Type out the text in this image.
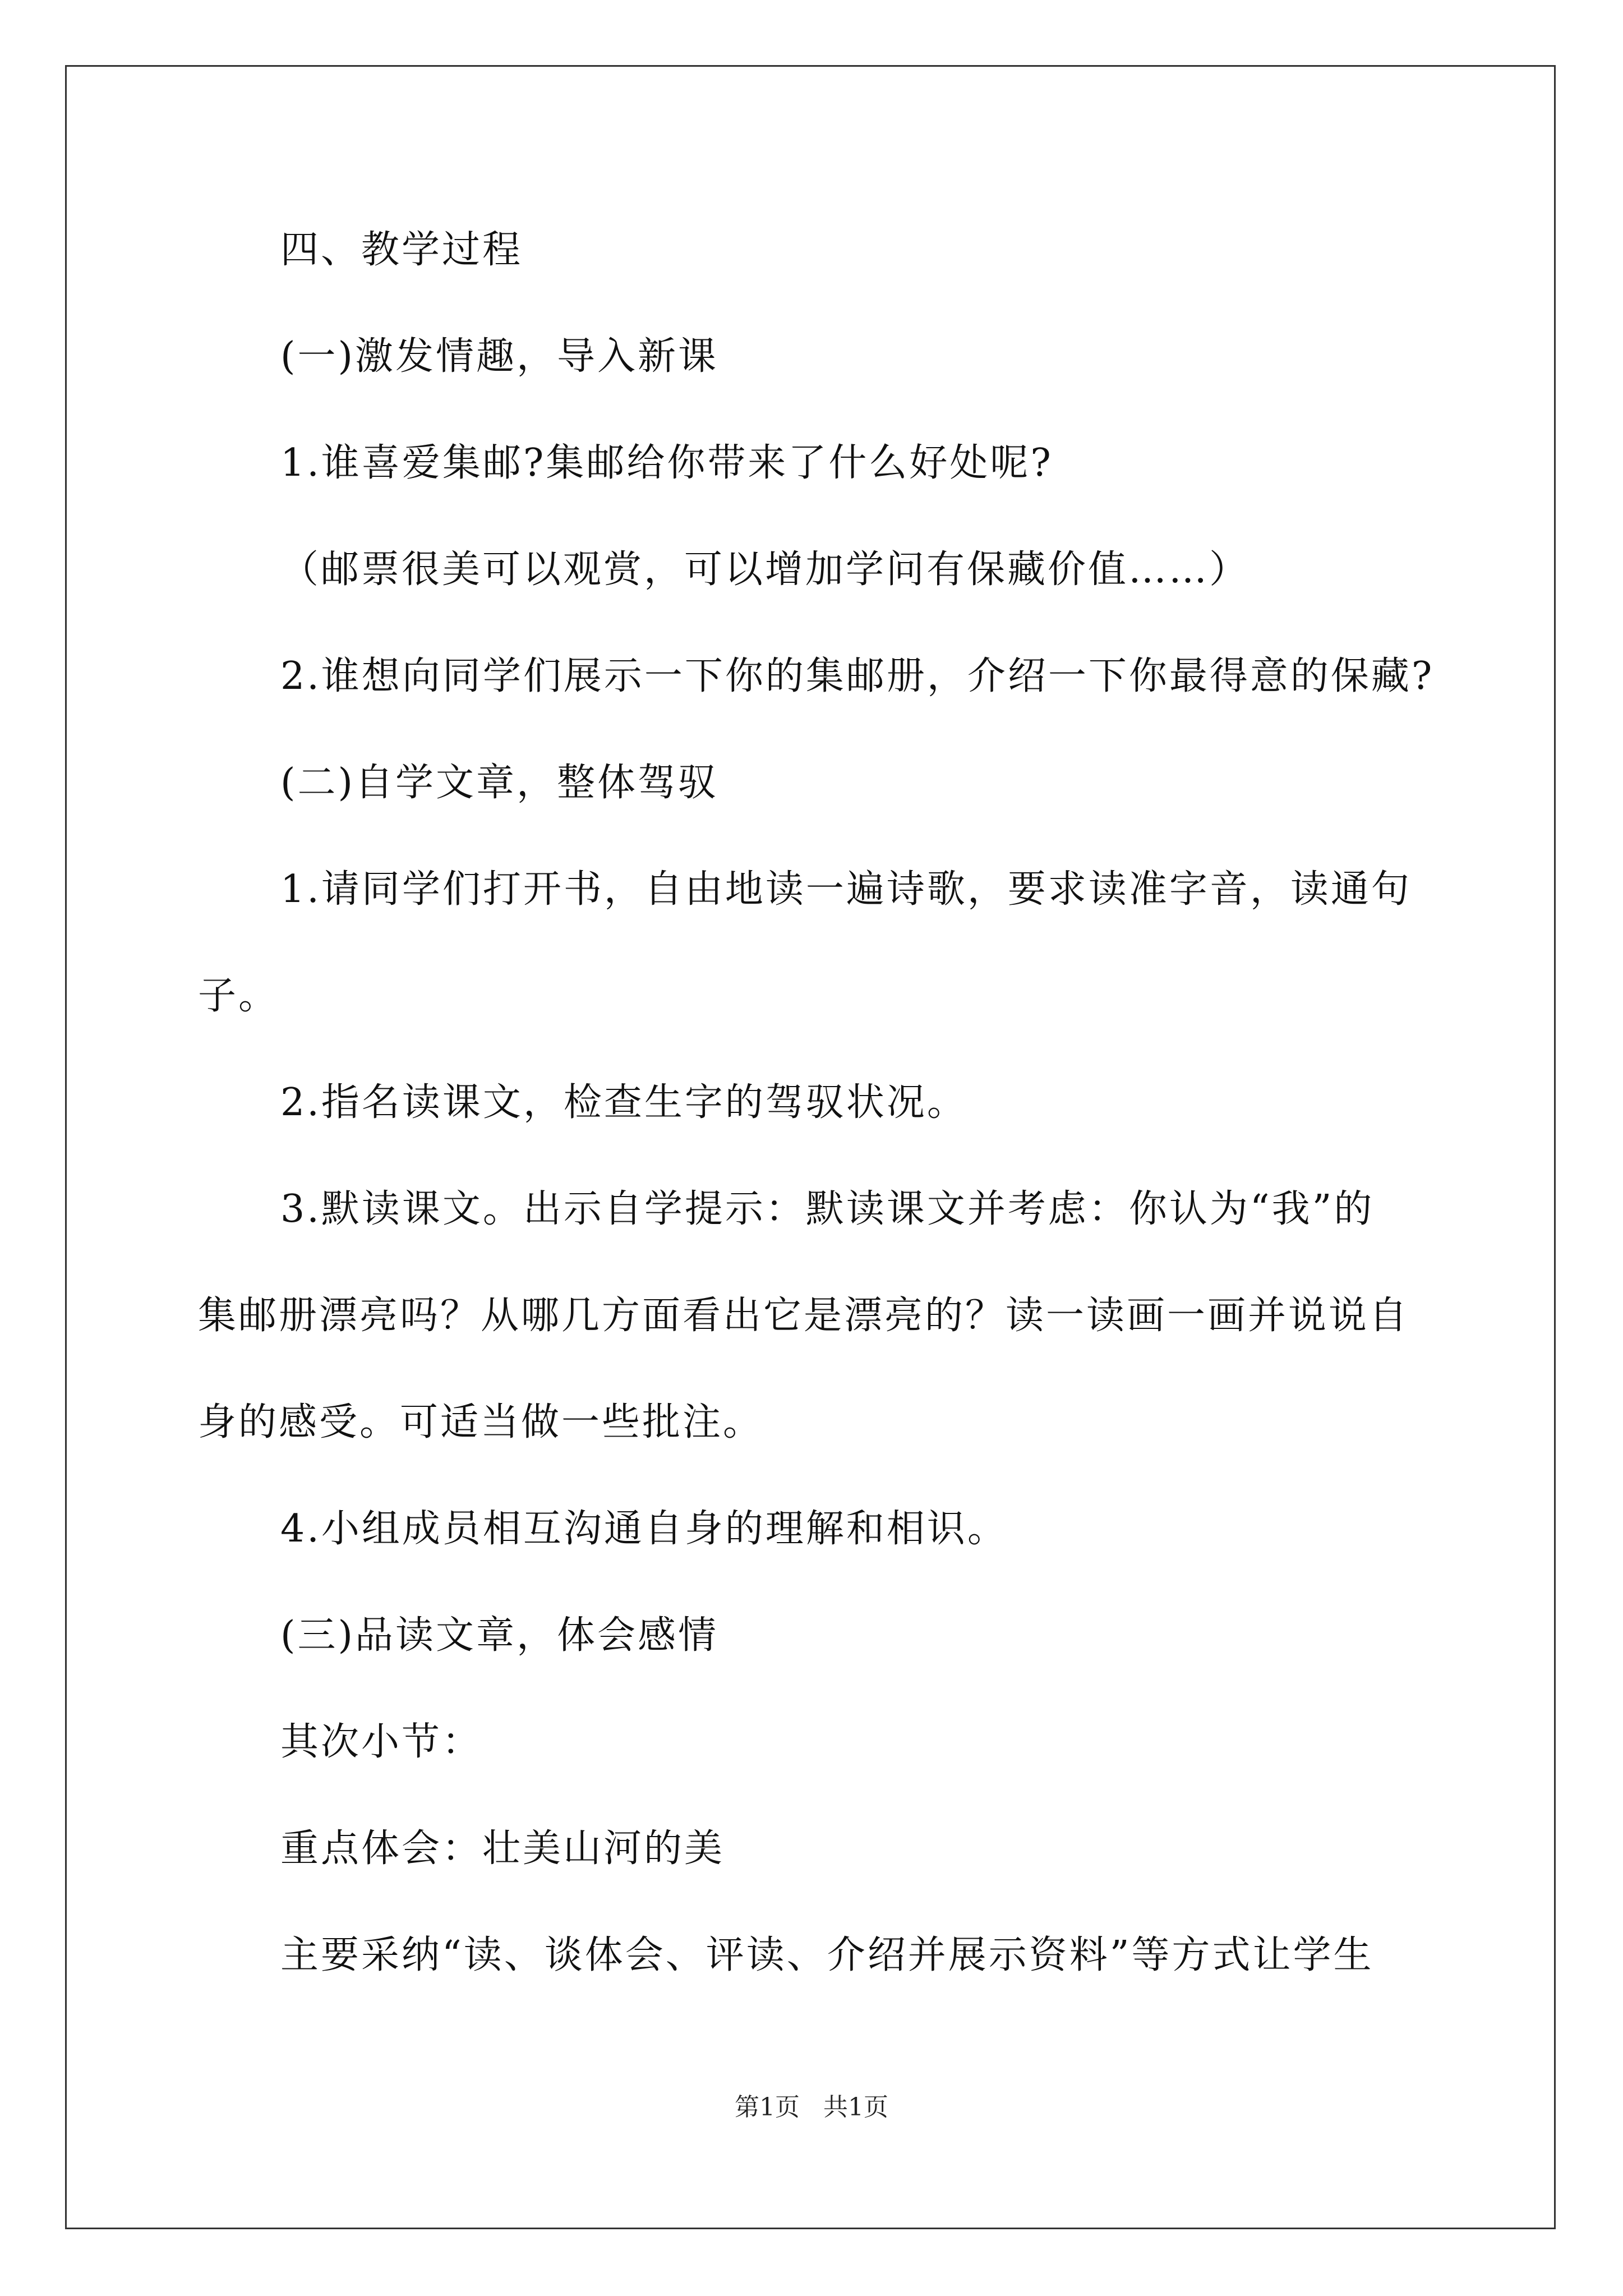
四、教学过程
(一)激发情趣，导入新课
1.谁喜爱集邮?集邮给你带来了什么好处呢?
（邮票很美可以观赏，可以增加学问有保藏价值……）
2.谁想向同学们展示一下你的集邮册，介绍一下你最得意的保藏?
(二)自学文章，整体驾驭
1.请同学们打开书，自由地读一遍诗歌，要求读准字音，读通句
子。
2.指名读课文，检查生字的驾驭状况。
3.默读课文。出示自学提示：默读课文并考虑：你认为“我”的
集邮册漂亮吗？从哪几方面看出它是漂亮的？读一读画一画并说说自
身的感受。可适当做一些批注。
4.小组成员相互沟通自身的理解和相识。
(三)品读文章，体会感情
其次小节：
重点体会：壮美山河的美
主要采纳“读、谈体会、评读、介绍并展示资料”等方式让学生
第1页   共1页
